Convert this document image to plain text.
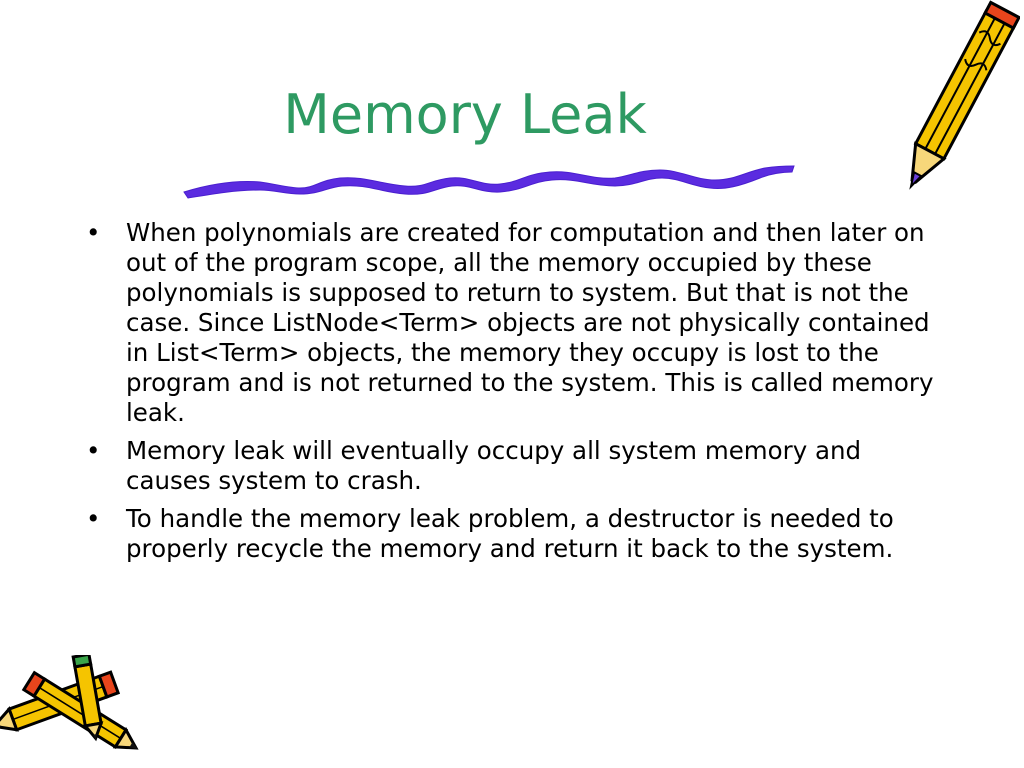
Memory Leak
• When polynomials are created for computation and then later on out of the program scope, all the memory occupied by these polynomials is supposed to return to system. But that is not the case. Since ListNode<Term> objects are not physically contained in List<Term> objects, the memory they occupy is lost to the program and is not returned to the system. This is called memory leak.
• Memory leak will eventually occupy all system memory and causes system to crash.
• To handle the memory leak problem, a destructor is needed to properly recycle the memory and return it back to the system.
